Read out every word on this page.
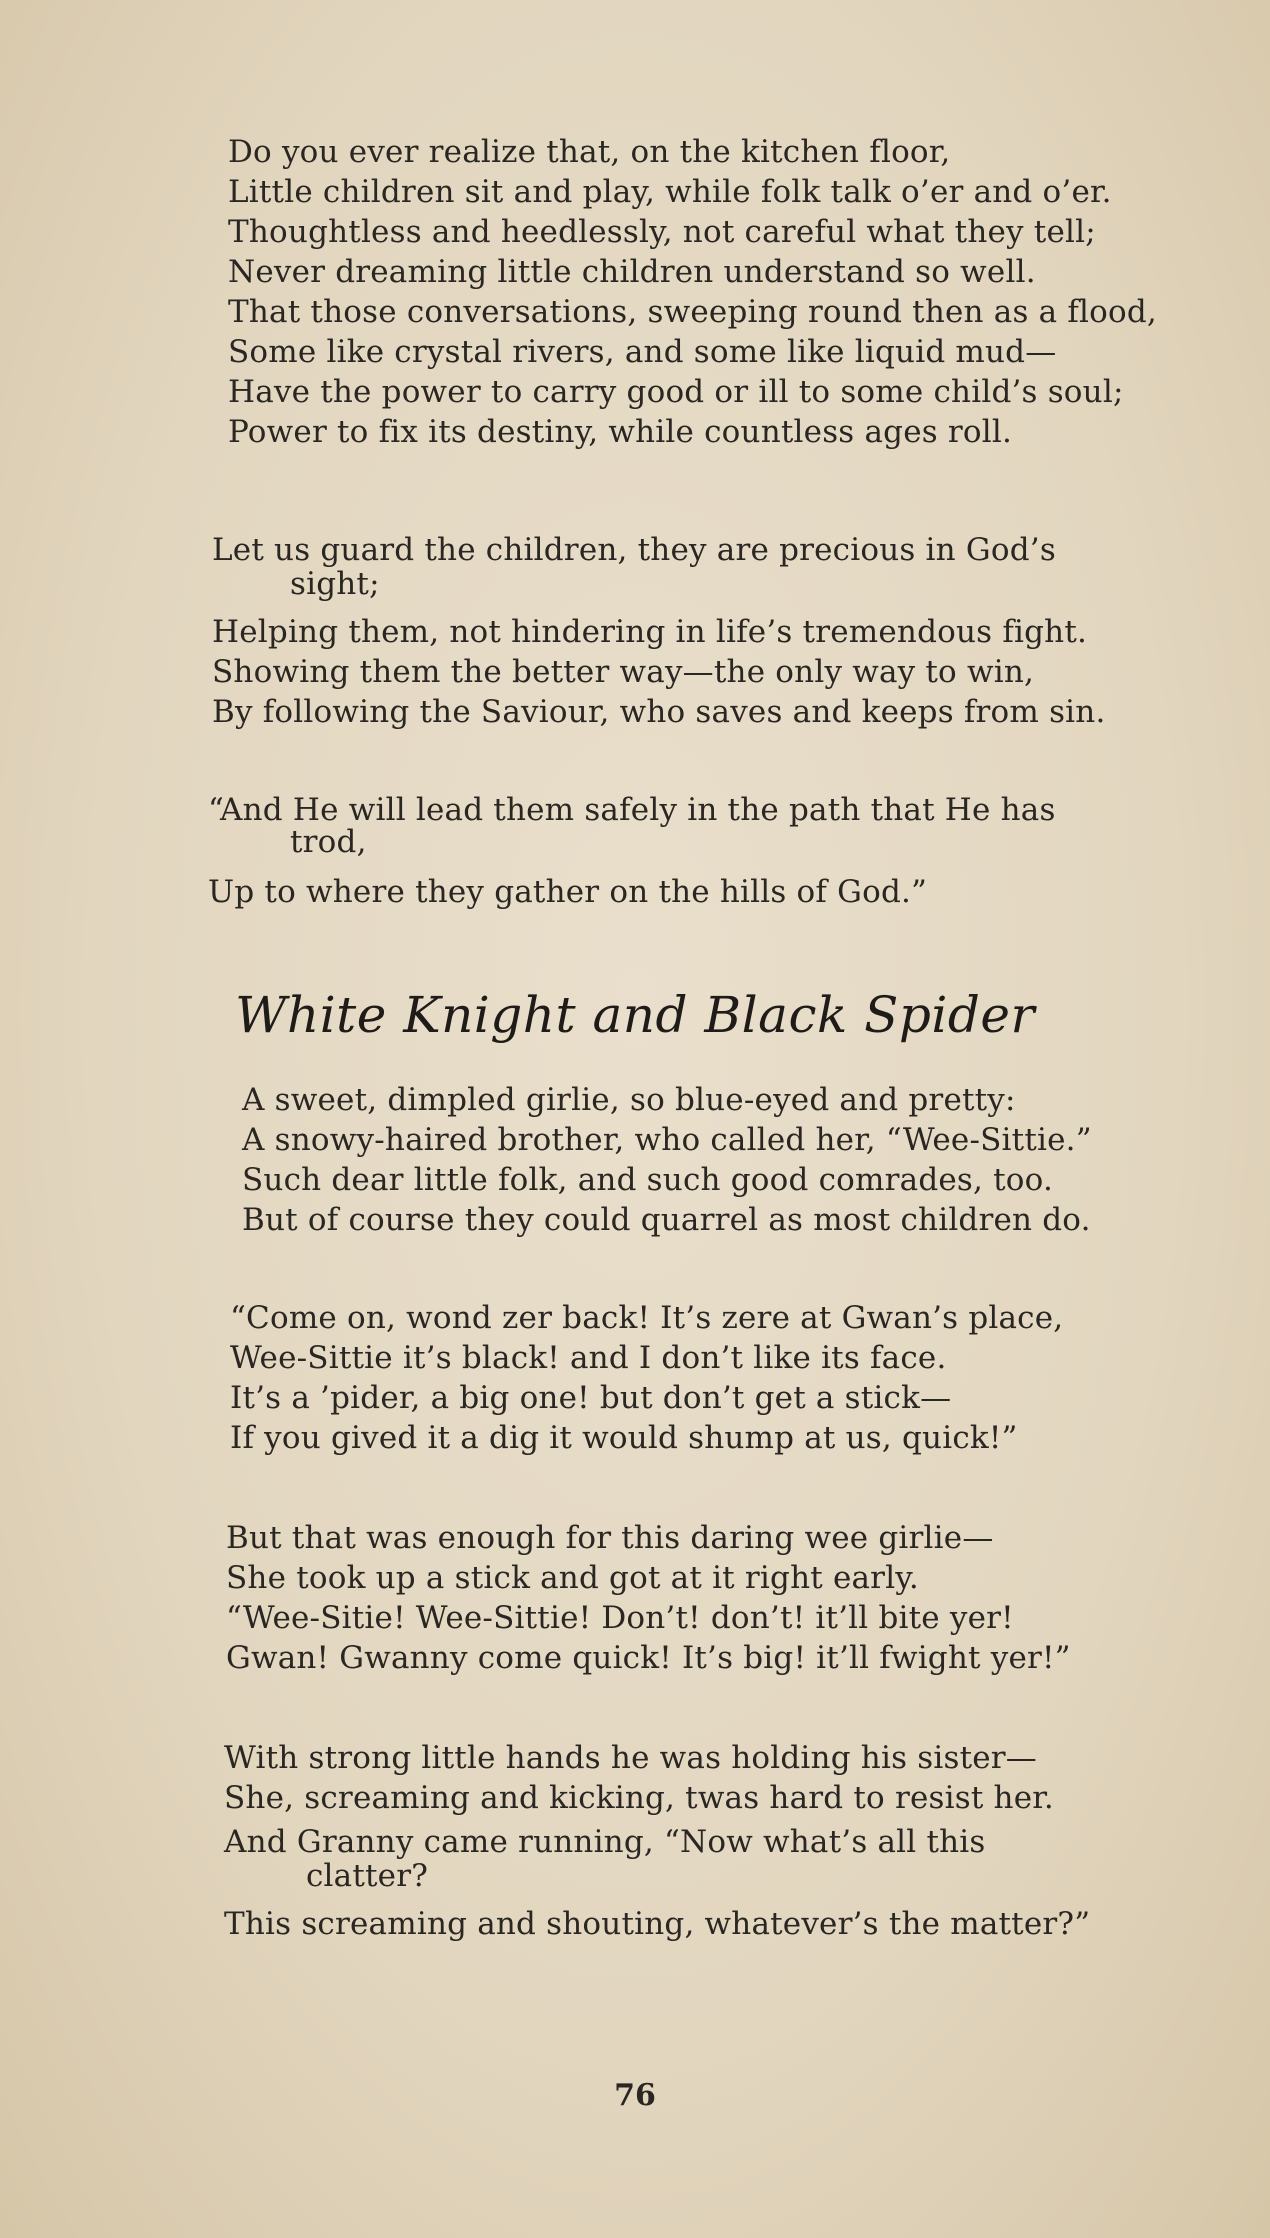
Do you ever realize that, on the kitchen floor,
Little children sit and play, while folk talk o’er and o’er.
Thoughtless and heedlessly, not careful what they tell;
Never dreaming little children understand so well.
That those conversations, sweeping round then as a flood,
Some like crystal rivers, and some like liquid mud—
Have the power to carry good or ill to some child’s soul;
Power to fix its destiny, while countless ages roll.
Let us guard the children, they are precious in God’s
sight;
Helping them, not hindering in life’s tremendous fight.
Showing them the better way—the only way to win,
By following the Saviour, who saves and keeps from sin.
“And He will lead them safely in the path that He has
trod,
Up to where they gather on the hills of God.”
White Knight and Black Spider
A sweet, dimpled girlie, so blue-eyed and pretty:
A snowy-haired brother, who called her, “Wee-Sittie.”
Such dear little folk, and such good comrades, too.
But of course they could quarrel as most children do.
“Come on, wond zer back! It’s zere at Gwan’s place,
Wee-Sittie it’s black! and I don’t like its face.
It’s a ’pider, a big one! but don’t get a stick—
If you gived it a dig it would shump at us, quick!”
But that was enough for this daring wee girlie—
She took up a stick and got at it right early.
“Wee-Sitie! Wee-Sittie! Don’t! don’t! it’ll bite yer!
Gwan! Gwanny come quick! It’s big! it’ll fwight yer!”
With strong little hands he was holding his sister—
She, screaming and kicking, twas hard to resist her.
And Granny came running, “Now what’s all this
clatter?
This screaming and shouting, whatever’s the matter?”
76
